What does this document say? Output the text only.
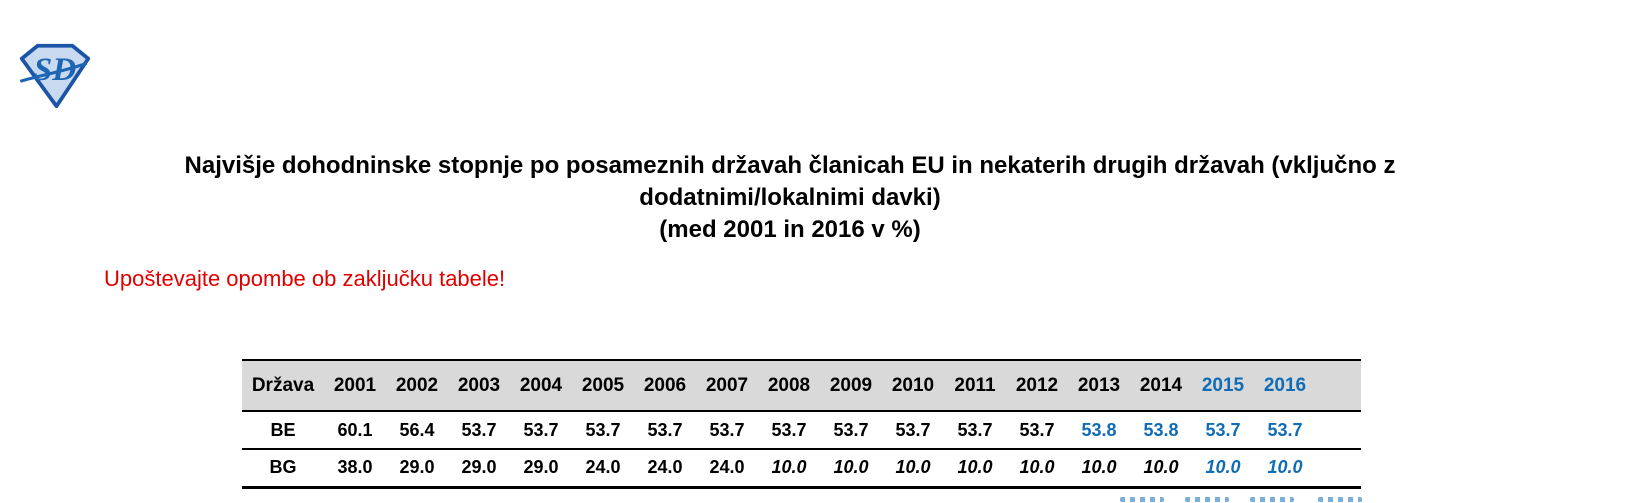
SD
Najvišje dohodninske stopnje po posameznih državah članicah EU in nekaterih drugih državah (vključno z
dodatnimi/lokalnimi davki)
(med 2001 in 2016 v %)
Upoštevajte opombe ob zaključku tabele!
Država	2001	2002	2003	2004	2005	2006	2007	2008	2009	2010	2011	2012	2013	2014	2015	2016	
BE	60.1	56.4	53.7	53.7	53.7	53.7	53.7	53.7	53.7	53.7	53.7	53.7	53.8	53.8	53.7	53.7	
BG	38.0	29.0	29.0	29.0	24.0	24.0	24.0	10.0	10.0	10.0	10.0	10.0	10.0	10.0	10.0	10.0	
